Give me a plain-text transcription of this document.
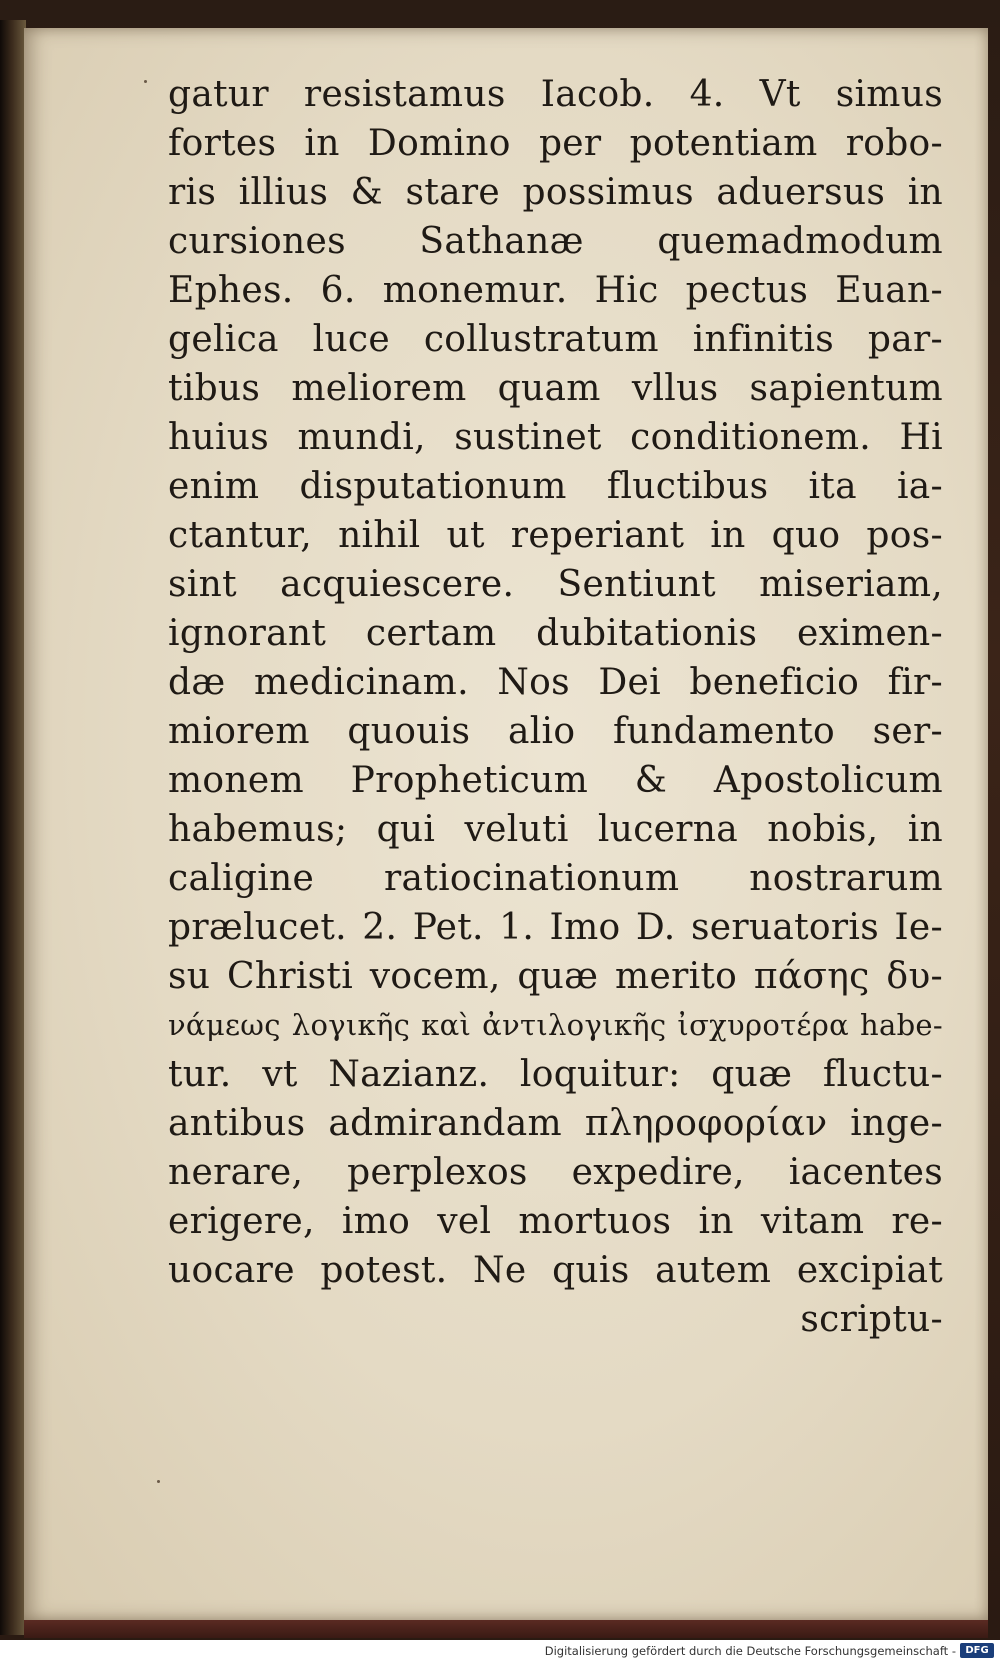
gatur resistamus Iacob. 4. Vt simus
fortes in Domino per potentiam robo-
ris illius & stare possimus aduersus in
cursiones Sathanæ quemadmodum
Ephes. 6. monemur. Hic pectus Euan-
gelica luce collustratum infinitis par-
tibus meliorem quam vllus sapientum
huius mundi, sustinet conditionem. Hi
enim disputationum fluctibus ita ia-
ctantur, nihil ut reperiant in quo pos-
sint acquiescere. Sentiunt miseriam,
ignorant certam dubitationis eximen-
dæ medicinam. Nos Dei beneficio fir-
miorem quouis alio fundamento ser-
monem Propheticum & Apostolicum
habemus; qui veluti lucerna nobis, in
caligine ratiocinationum nostrarum
prælucet. 2. Pet. 1. Imo D. seruatoris Ie-
su Christi vocem, quæ merito πάσης δυ-
νάμεως λογικῆς καὶ ἀντιλογικῆς ἰσχυροτέρα habe-
tur. vt Nazianz. loquitur: quæ fluctu-
antibus admirandam πληροφορίαν inge-
nerare, perplexos expedire, iacentes
erigere, imo vel mortuos in vitam re-
uocare potest. Ne quis autem excipiat
scriptu-
Digitalisierung gefördert durch die Deutsche Forschungsgemeinschaft - DFG
